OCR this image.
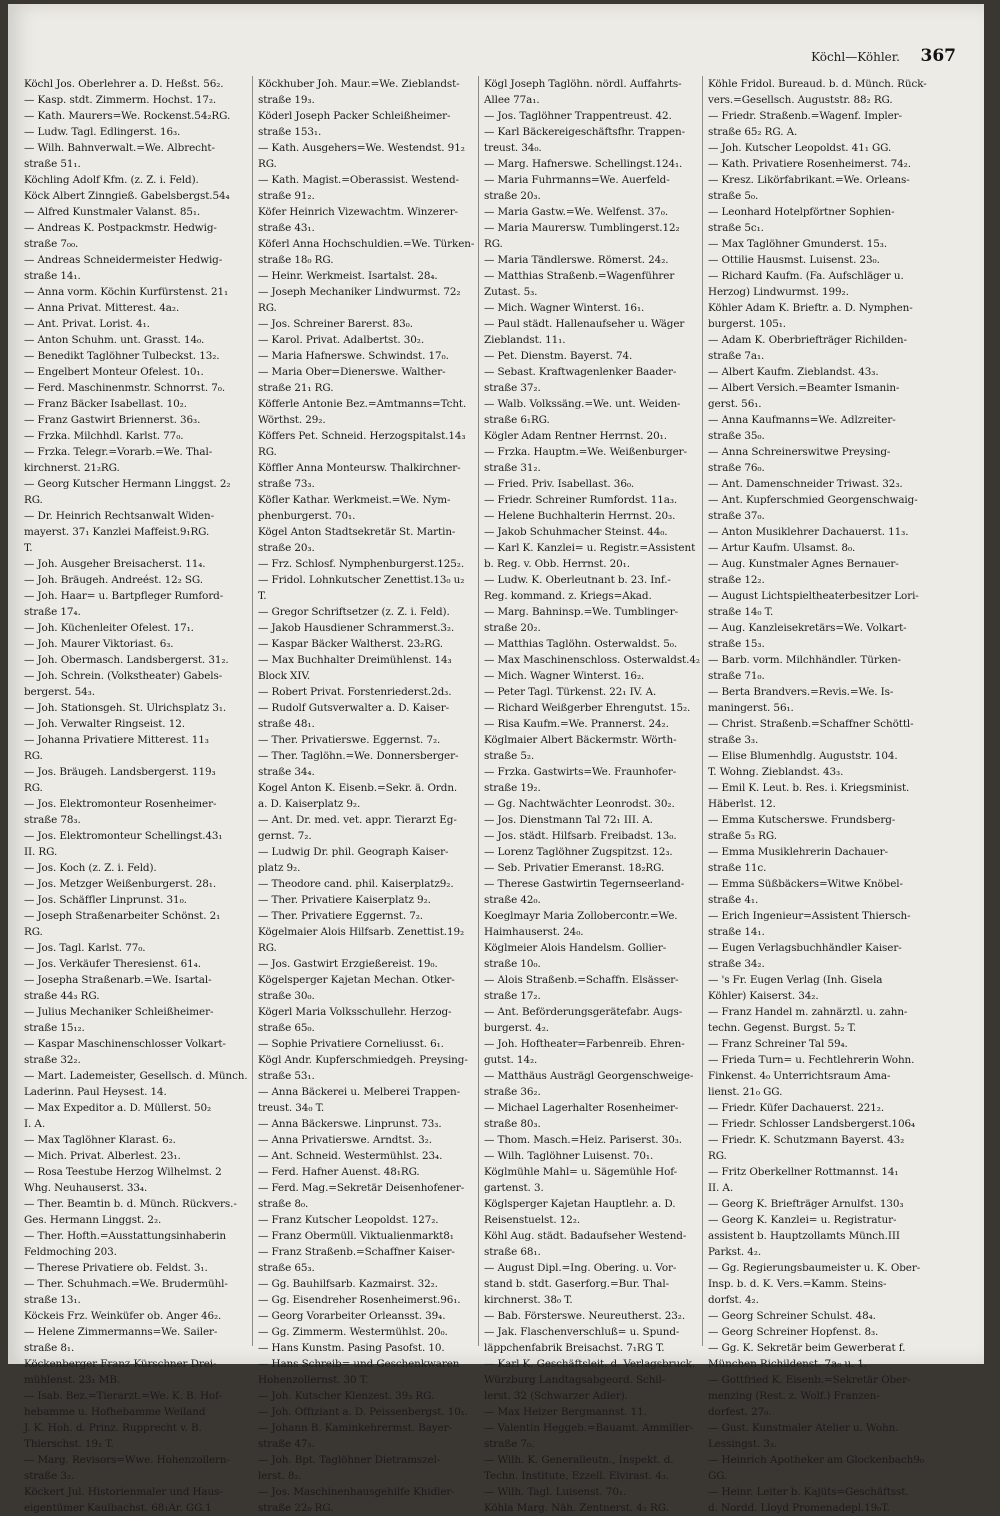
Köchl—Köhler. 367
Köchl Jos. Oberlehrer a. D. Heßst. 56₂.
— Kasp. stdt. Zimmerm. Hochst. 17₂.
— Kath. Maurers=We. Rockenst.54₂RG.
— Ludw. Tagl. Edlingerst. 16₃.
— Wilh. Bahnverwalt.=We. Albrecht-
straße 51₁.
Köchling Adolf Kfm. (z. Z. i. Feld).
Köck Albert Zinngieß. Gabelsbergst.54₄
— Alfred Kunstmaler Valanst. 85₁.
— Andreas K. Postpackmstr. Hedwig-
straße 7₀₀.
— Andreas Schneidermeister Hedwig-
straße 14₁.
— Anna vorm. Köchin Kurfürstenst. 21₁
— Anna Privat. Mitterest. 4a₂.
— Ant. Privat. Lorist. 4₁.
— Anton Schuhm. unt. Grasst. 14₀.
— Benedikt Taglöhner Tulbeckst. 13₂.
— Engelbert Monteur Ofelest. 10₁.
— Ferd. Maschinenmstr. Schnorrst. 7₀.
— Franz Bäcker Isabellast. 10₂.
— Franz Gastwirt Briennerst. 36₃.
— Frzka. Milchhdl. Karlst. 77₀.
— Frzka. Telegr.=Vorarb.=We. Thal-
kirchnerst. 21₂RG.
— Georg Kutscher Hermann Linggst. 2₂
RG.
— Dr. Heinrich Rechtsanwalt Widen-
mayerst. 37₁ Kanzlei Maffeist.9₁RG.
T.
— Joh. Ausgeher Breisacherst. 11₄.
— Joh. Bräugeh. Andreést. 12₂ SG.
— Joh. Haar= u. Bartpfleger Rumford-
straße 17₄.
— Joh. Küchenleiter Ofelest. 17₁.
— Joh. Maurer Viktoriast. 6₃.
— Joh. Obermasch. Landsbergerst. 31₂.
— Joh. Schrein. (Volkstheater) Gabels-
bergerst. 54₃.
— Joh. Stationsgeh. St. Ulrichsplatz 3₁.
— Joh. Verwalter Ringseist. 12.
— Johanna Privatiere Mitterest. 11₃
RG.
— Jos. Bräugeh. Landsbergerst. 119₃
RG.
— Jos. Elektromonteur Rosenheimer-
straße 78₃.
— Jos. Elektromonteur Schellingst.43₁
II. RG.
— Jos. Koch (z. Z. i. Feld).
— Jos. Metzger Weißenburgerst. 28₁.
— Jos. Schäffler Linprunst. 31₀.
— Joseph Straßenarbeiter Schönst. 2₁
RG.
— Jos. Tagl. Karlst. 77₀.
— Jos. Verkäufer Theresienst. 61₄.
— Josepha Straßenarb.=We. Isartal-
straße 44₃ RG.
— Julius Mechaniker Schleißheimer-
straße 15₁₂.
— Kaspar Maschinenschlosser Volkart-
straße 32₂.
— Mart. Lademeister, Gesellsch. d. Münch.
Laderinn. Paul Heysest. 14.
— Max Expeditor a. D. Müllerst. 50₂
I. A.
— Max Taglöhner Klarast. 6₂.
— Mich. Privat. Alberlest. 23₁.
— Rosa Teestube Herzog Wilhelmst. 2
Whg. Neuhauserst. 33₄.
— Ther. Beamtin b. d. Münch. Rückvers.-
Ges. Hermann Linggst. 2₂.
— Ther. Hofth.=Ausstattungsinhaberin
Feldmoching 203.
— Therese Privatiere ob. Feldst. 3₁.
— Ther. Schuhmach.=We. Brudermühl-
straße 13₁.
Köckeis Frz. Weinküfer ob. Anger 46₂.
— Helene Zimmermanns=We. Sailer-
straße 8₁.
Köckenberger Franz Kürschner Drei-
mühlenst. 23₁ MB.
— Isab. Bez.=Tierarzt.=We. K. B. Hof-
hebamme u. Hofhebamme Weiland
J. K. Hoh. d. Prinz. Rupprecht v. B.
Thierschst. 19₂ T.
— Marg. Revisors=Wwe. Hohenzollern-
straße 3₂.
Köckert Jul. Historienmaler und Haus-
eigentümer Kaulbachst. 68₁Ar. GG.1
Köckhuber Joh. Maur.=We. Zieblandst-
straße 19₃.
Köderl Joseph Packer Schleißheimer-
straße 153₁.
— Kath. Ausgehers=We. Westendst. 91₂
RG.
— Kath. Magist.=Oberassist. Westend-
straße 91₂.
Köfer Heinrich Vizewachtm. Winzerer-
straße 43₁.
Köferl Anna Hochschuldien.=We. Türken-
straße 18₀ RG.
— Heinr. Werkmeist. Isartalst. 28₄.
— Joseph Mechaniker Lindwurmst. 72₂
RG.
— Jos. Schreiner Barerst. 83₀.
— Karol. Privat. Adalbertst. 30₂.
— Maria Hafnerswe. Schwindst. 17₀.
— Maria Ober=Dienerswe. Walther-
straße 21₁ RG.
Köfferle Antonie Bez.=Amtmanns=Tcht.
Wörthst. 29₂.
Köffers Pet. Schneid. Herzogspitalst.14₃
RG.
Köffler Anna Monteursw. Thalkirchner-
straße 73₃.
Köfler Kathar. Werkmeist.=We. Nym-
phenburgerst. 70₁.
Kögel Anton Stadtsekretär St. Martin-
straße 20₃.
— Frz. Schlosf. Nymphenburgerst.125₂.
— Fridol. Lohnkutscher Zenettist.13₀ u₂
T.
— Gregor Schriftsetzer (z. Z. i. Feld).
— Jakob Hausdiener Schrammerst.3₂.
— Kaspar Bäcker Waltherst. 23₂RG.
— Max Buchhalter Dreimühlenst. 14₃
Block XIV.
— Robert Privat. Forstenriederst.2d₃.
— Rudolf Gutsverwalter a. D. Kaiser-
straße 48₁.
— Ther. Privatierswe. Eggernst. 7₂.
— Ther. Taglöhn.=We. Donnersberger-
straße 34₄.
Kogel Anton K. Eisenb.=Sekr. ä. Ordn.
a. D. Kaiserplatz 9₂.
— Ant. Dr. med. vet. appr. Tierarzt Eg-
gernst. 7₂.
— Ludwig Dr. phil. Geograph Kaiser-
platz 9₂.
— Theodore cand. phil. Kaiserplatz9₂.
— Ther. Privatiere Kaiserplatz 9₂.
— Ther. Privatiere Eggernst. 7₂.
Kögelmaier Alois Hilfsarb. Zenettist.19₂
RG.
— Jos. Gastwirt Erzgießereist. 19₀.
Kögelsperger Kajetan Mechan. Otker-
straße 30₀.
Kögerl Maria Volksschullehr. Herzog-
straße 65₀.
— Sophie Privatiere Corneliusst. 6₁.
Kögl Andr. Kupferschmiedgeh. Preysing-
straße 53₁.
— Anna Bäckerei u. Melberei Trappen-
treust. 34₀ T.
— Anna Bäckerswe. Linprunst. 73₃.
— Anna Privatierswe. Arndtst. 3₂.
— Ant. Schneid. Westermühlst. 23₄.
— Ferd. Hafner Auenst. 48₁RG.
— Ferd. Mag.=Sekretär Deisenhofener-
straße 8₀.
— Franz Kutscher Leopoldst. 127₂.
— Franz Obermüll. Viktualienmarkt8₁
— Franz Straßenb.=Schaffner Kaiser-
straße 65₃.
— Gg. Bauhilfsarb. Kazmairst. 32₂.
— Gg. Eisendreher Rosenheimerst.96₁.
— Georg Vorarbeiter Orleansst. 39₄.
— Gg. Zimmerm. Westermühlst. 20₀.
— Hans Kunstm. Pasing Pasofst. 10.
— Hans Schreib= und Geschenkwaren
Hohenzollernst. 30 T.
— Joh. Kutscher Klenzest. 39₃ RG.
— Joh. Offiziant a. D. Peissenbergst. 10₁.
— Johann B. Kaminkehrermst. Bayer-
straße 47₃.
— Joh. Bpt. Taglöhner Dietramszel-
lerst. 8₂.
— Jos. Maschinenhausgehilfe Khidler-
straße 22₀ RG.
Kögl Joseph Taglöhn. nördl. Auffahrts-
Allee 77a₁.
— Jos. Taglöhner Trappentreust. 42.
— Karl Bäckereigeschäftsfhr. Trappen-
treust. 34₀.
— Marg. Hafnerswe. Schellingst.124₁.
— Maria Fuhrmanns=We. Auerfeld-
straße 20₃.
— Maria Gastw.=We. Welfenst. 37₀.
— Maria Maurersw. Tumblingerst.12₂
RG.
— Maria Tändlerswe. Römerst. 24₂.
— Matthias Straßenb.=Wagenführer
Zutast. 5₃.
— Mich. Wagner Winterst. 16₁.
— Paul städt. Hallenaufseher u. Wäger
Zieblandst. 11₁.
— Pet. Dienstm. Bayerst. 74.
— Sebast. Kraftwagenlenker Baader-
straße 37₂.
— Walb. Volkssäng.=We. unt. Weiden-
straße 6₁RG.
Kögler Adam Rentner Herrnst. 20₁.
— Frzka. Hauptm.=We. Weißenburger-
straße 31₂.
— Fried. Priv. Isabellast. 36₀.
— Friedr. Schreiner Rumfordst. 11a₃.
— Helene Buchhalterin Herrnst. 20₃.
— Jakob Schuhmacher Steinst. 44₀.
— Karl K. Kanzlei= u. Registr.=Assistent
b. Reg. v. Obb. Herrnst. 20₁.
— Ludw. K. Oberleutnant b. 23. Inf.-
Reg. kommand. z. Kriegs=Akad.
— Marg. Bahninsp.=We. Tumblinger-
straße 20₂.
— Matthias Taglöhn. Osterwaldst. 5₀.
— Max Maschinenschloss. Osterwaldst.4₂
— Mich. Wagner Winterst. 16₂.
— Peter Tagl. Türkenst. 22₁ IV. A.
— Richard Weißgerber Ehrengutst. 15₂.
— Risa Kaufm.=We. Prannerst. 24₂.
Köglmaier Albert Bäckermstr. Wörth-
straße 5₂.
— Frzka. Gastwirts=We. Fraunhofer-
straße 19₂.
— Gg. Nachtwächter Leonrodst. 30₂.
— Jos. Dienstmann Tal 72₁ III. A.
— Jos. städt. Hilfsarb. Freibadst. 13₀.
— Lorenz Taglöhner Zugspitzst. 12₃.
— Seb. Privatier Emeranst. 18₂RG.
— Therese Gastwirtin Tegernseerland-
straße 42₀.
Koeglmayr Maria Zollobercontr.=We.
Haimhauserst. 24₀.
Köglmeier Alois Handelsm. Gollier-
straße 10₀.
— Alois Straßenb.=Schaffn. Elsässer-
straße 17₂.
— Ant. Beförderungsgerätefabr. Augs-
burgerst. 4₂.
— Joh. Hoftheater=Farbenreib. Ehren-
gutst. 14₂.
— Matthäus Austrägl Georgenschweige-
straße 36₂.
— Michael Lagerhalter Rosenheimer-
straße 80₃.
— Thom. Masch.=Heiz. Pariserst. 30₃.
— Wilh. Taglöhner Luisenst. 70₁.
Köglmühle Mahl= u. Sägemühle Hof-
gartenst. 3.
Köglsperger Kajetan Hauptlehr. a. D.
Reisenstuelst. 12₂.
Köhl Aug. städt. Badaufseher Westend-
straße 68₁.
— August Dipl.=Ing. Obering. u. Vor-
stand b. stdt. Gaserforg.=Bur. Thal-
kirchnerst. 38₀ T.
— Bab. Försterswe. Neureutherst. 23₂.
— Jak. Flaschenverschluß= u. Spund-
läppchenfabrik Breisachst. 7₁RG T.
— Karl K. Geschäftsleit. d. Verlagsbruck.
Würzburg Landtagsabgeord. Schil-
lerst. 32 (Schwarzer Adler).
— Max Heizer Bergmannst. 11.
— Valentin Heggeb.=Bauamt. Ammiller-
straße 7₀.
— Wilh. K. Generalleutn., Inspekt. d.
Techn. Institute, Ezzell. Elvirast. 4₃.
— Wilh. Tagl. Luisenst. 70₁.
Köhla Marg. Näh. Zentnerst. 4₂ RG.
Köhle Fridol. Bureaud. b. d. Münch. Rück-
vers.=Gesellsch. Auguststr. 88₂ RG.
— Friedr. Straßenb.=Wagenf. Impler-
straße 65₂ RG. A.
— Joh. Kutscher Leopoldst. 41₁ GG.
— Kath. Privatiere Rosenheimerst. 74₂.
— Kresz. Likörfabrikant.=We. Orleans-
straße 5₀.
— Leonhard Hotelpförtner Sophien-
straße 5c₁.
— Max Taglöhner Gmunderst. 15₃.
— Ottilie Hausmst. Luisenst. 23₀.
— Richard Kaufm. (Fa. Aufschläger u.
Herzog) Lindwurmst. 199₂.
Köhler Adam K. Brieftr. a. D. Nymphen-
burgerst. 105₁.
— Adam K. Oberbriefträger Richilden-
straße 7a₁.
— Albert Kaufm. Zieblandst. 43₃.
— Albert Versich.=Beamter Ismanin-
gerst. 56₁.
— Anna Kaufmanns=We. Adlzreiter-
straße 35₀.
— Anna Schreinerswitwe Preysing-
straße 76₀.
— Ant. Damenschneider Triwast. 32₃.
— Ant. Kupferschmied Georgenschwaig-
straße 37₀.
— Anton Musiklehrer Dachauerst. 11₃.
— Artur Kaufm. Ulsamst. 8₀.
— Aug. Kunstmaler Agnes Bernauer-
straße 12₂.
— August Lichtspieltheaterbesitzer Lori-
straße 14₀ T.
— Aug. Kanzleisekretärs=We. Volkart-
straße 15₃.
— Barb. vorm. Milchhändler. Türken-
straße 71₀.
— Berta Brandvers.=Revis.=We. Is-
maningerst. 56₁.
— Christ. Straßenb.=Schaffner Schöttl-
straße 3₃.
— Elise Blumenhdlg. Auguststr. 104.
T. Wohng. Zieblandst. 43₃.
— Emil K. Leut. b. Res. i. Kriegsminist.
Häberlst. 12.
— Emma Kutscherswe. Frundsberg-
straße 5₃ RG.
— Emma Musiklehrerin Dachauer-
straße 11c.
— Emma Süßbäckers=Witwe Knöbel-
straße 4₁.
— Erich Ingenieur=Assistent Thiersch-
straße 14₁.
— Eugen Verlagsbuchhändler Kaiser-
straße 34₂.
— 's Fr. Eugen Verlag (Inh. Gisela
Köhler) Kaiserst. 34₂.
— Franz Handel m. zahnärztl. u. zahn-
techn. Gegenst. Burgst. 5₂ T.
— Franz Schreiner Tal 59₄.
— Frieda Turn= u. Fechtlehrerin Wohn.
Finkenst. 4₀ Unterrichtsraum Ama-
lienst. 21₀ GG.
— Friedr. Küfer Dachauerst. 221₂.
— Friedr. Schlosser Landsbergerst.106₄
— Friedr. K. Schutzmann Bayerst. 43₂
RG.
— Fritz Oberkellner Rottmannst. 14₁
II. A.
— Georg K. Briefträger Arnulfst. 130₃
— Georg K. Kanzlei= u. Registratur-
assistent b. Hauptzollamts Münch.III
Parkst. 4₂.
— Gg. Regierungsbaumeister u. K. Ober-
Insp. b. d. K. Vers.=Kamm. Steins-
dorfst. 4₂.
— Georg Schreiner Schulst. 48₄.
— Georg Schreiner Hopfenst. 8₃.
— Gg. K. Sekretär beim Gewerberat f.
München Richildenst. 7a₀ u. 1.
— Gottfried K. Eisenb.=Sekretär Ober-
menzing (Rest. z. Wolf.) Franzen-
dorfest. 27₀.
— Gust. Kunstmaler Atelier u. Wohn.
Lessingst. 3₃.
— Heinrich Apotheker am Glockenbach9₀
GG.
— Heinr. Leiter b. Kajüts=Geschäftsst.
d. Nordd. Lloyd Promenadepl.19₀T.
